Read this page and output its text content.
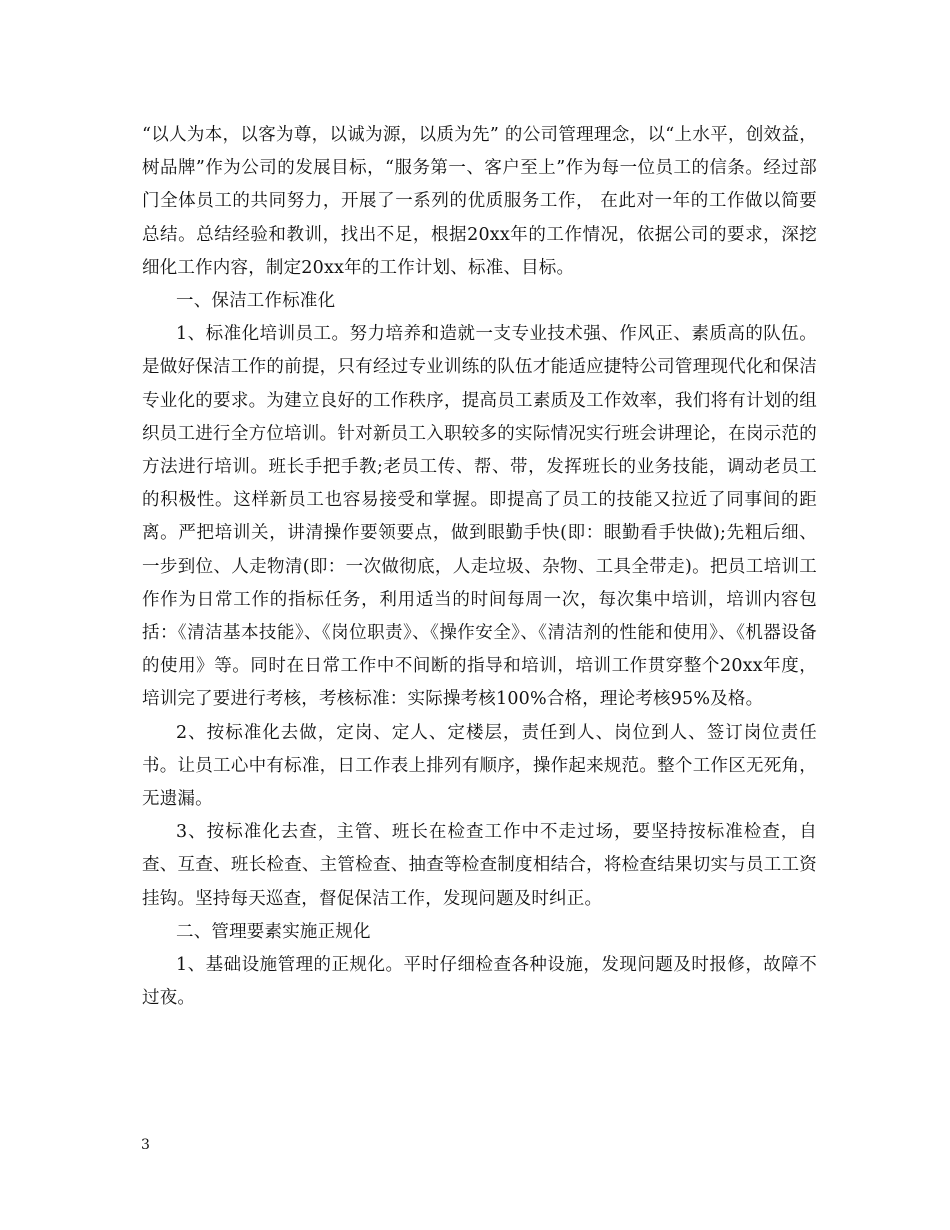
“以人为本，以客为尊，以诚为源，以质为先” 的公司管理理念，以“上水平，创效益，树品牌”作为公司的发展目标，“服务第一、客户至上”作为每一位员工的信条。经过部门全体员工的共同努力，开展了一系列的优质服务工作， 在此对一年的工作做以简要总结。总结经验和教训，找出不足，根据20xx年的工作情况，依据公司的要求，深挖细化工作内容，制定20xx年的工作计划、标准、目标。

一、保洁工作标准化

1、标准化培训员工。努力培养和造就一支专业技术强、作风正、素质高的队伍。是做好保洁工作的前提，只有经过专业训练的队伍才能适应捷特公司管理现代化和保洁专业化的要求。为建立良好的工作秩序，提高员工素质及工作效率，我们将有计划的组织员工进行全方位培训。针对新员工入职较多的实际情况实行班会讲理论，在岗示范的方法进行培训。班长手把手教;老员工传、帮、带，发挥班长的业务技能，调动老员工的积极性。这样新员工也容易接受和掌握。即提高了员工的技能又拉近了同事间的距离。严把培训关，讲清操作要领要点，做到眼勤手快(即：眼勤看手快做);先粗后细、一步到位、人走物清(即：一次做彻底，人走垃圾、杂物、工具全带走)。把员工培训工作作为日常工作的指标任务，利用适当的时间每周一次，每次集中培训，培训内容包括：《清洁基本技能》、《岗位职责》、《操作安全》、《清洁剂的性能和使用》、《机器设备的使用》等。同时在日常工作中不间断的指导和培训，培训工作贯穿整个20xx年度，培训完了要进行考核，考核标准：实际操考核100%合格，理论考核95%及格。

2、按标准化去做，定岗、定人、定楼层，责任到人、岗位到人、签订岗位责任书。让员工心中有标准，日工作表上排列有顺序，操作起来规范。整个工作区无死角，无遗漏。

3、按标准化去查，主管、班长在检查工作中不走过场，要坚持按标准检查，自查、互查、班长检查、主管检查、抽查等检查制度相结合，将检查结果切实与员工工资挂钩。坚持每天巡查，督促保洁工作，发现问题及时纠正。

二、管理要素实施正规化

1、基础设施管理的正规化。平时仔细检查各种设施，发现问题及时报修，故障不过夜。

3
